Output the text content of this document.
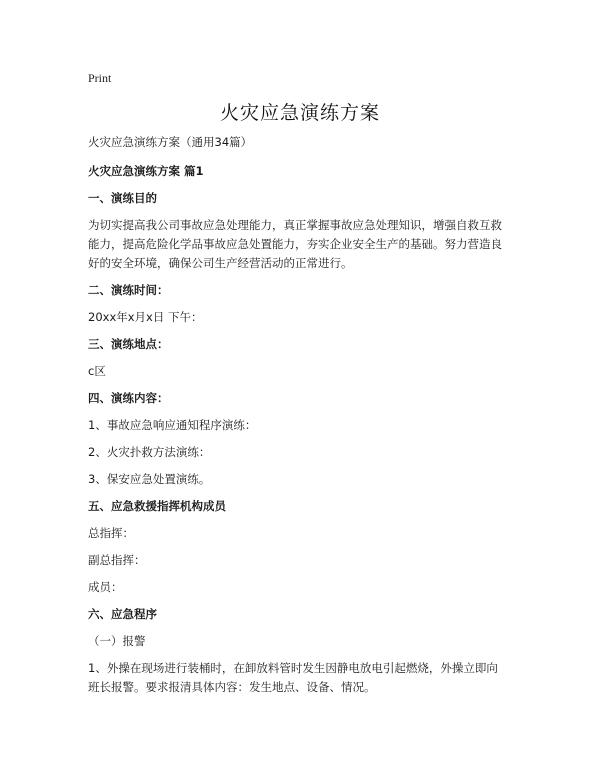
Print
火灾应急演练方案

火灾应急演练方案（通用34篇）

火灾应急演练方案 篇1

一、演练目的

为切实提高我公司事故应急处理能力，真正掌握事故应急处理知识，增强自救互救

能力，提高危险化学品事故应急处置能力，夯实企业安全生产的基础。努力营造良

好的安全环境，确保公司生产经营活动的正常进行。

二、演练时间：

20xx年x月x日 下午：

三、演练地点：

c区

四、演练内容：

1、事故应急响应通知程序演练：

2、火灾扑救方法演练：

3、保安应急处置演练。

五、应急救援指挥机构成员

总指挥：

副总指挥：

成员：

六、应急程序

（一）报警

1、外操在现场进行装桶时，在卸放料管时发生因静电放电引起燃烧，外操立即向

班长报警。要求报清具体内容：发生地点、设备、情况。
